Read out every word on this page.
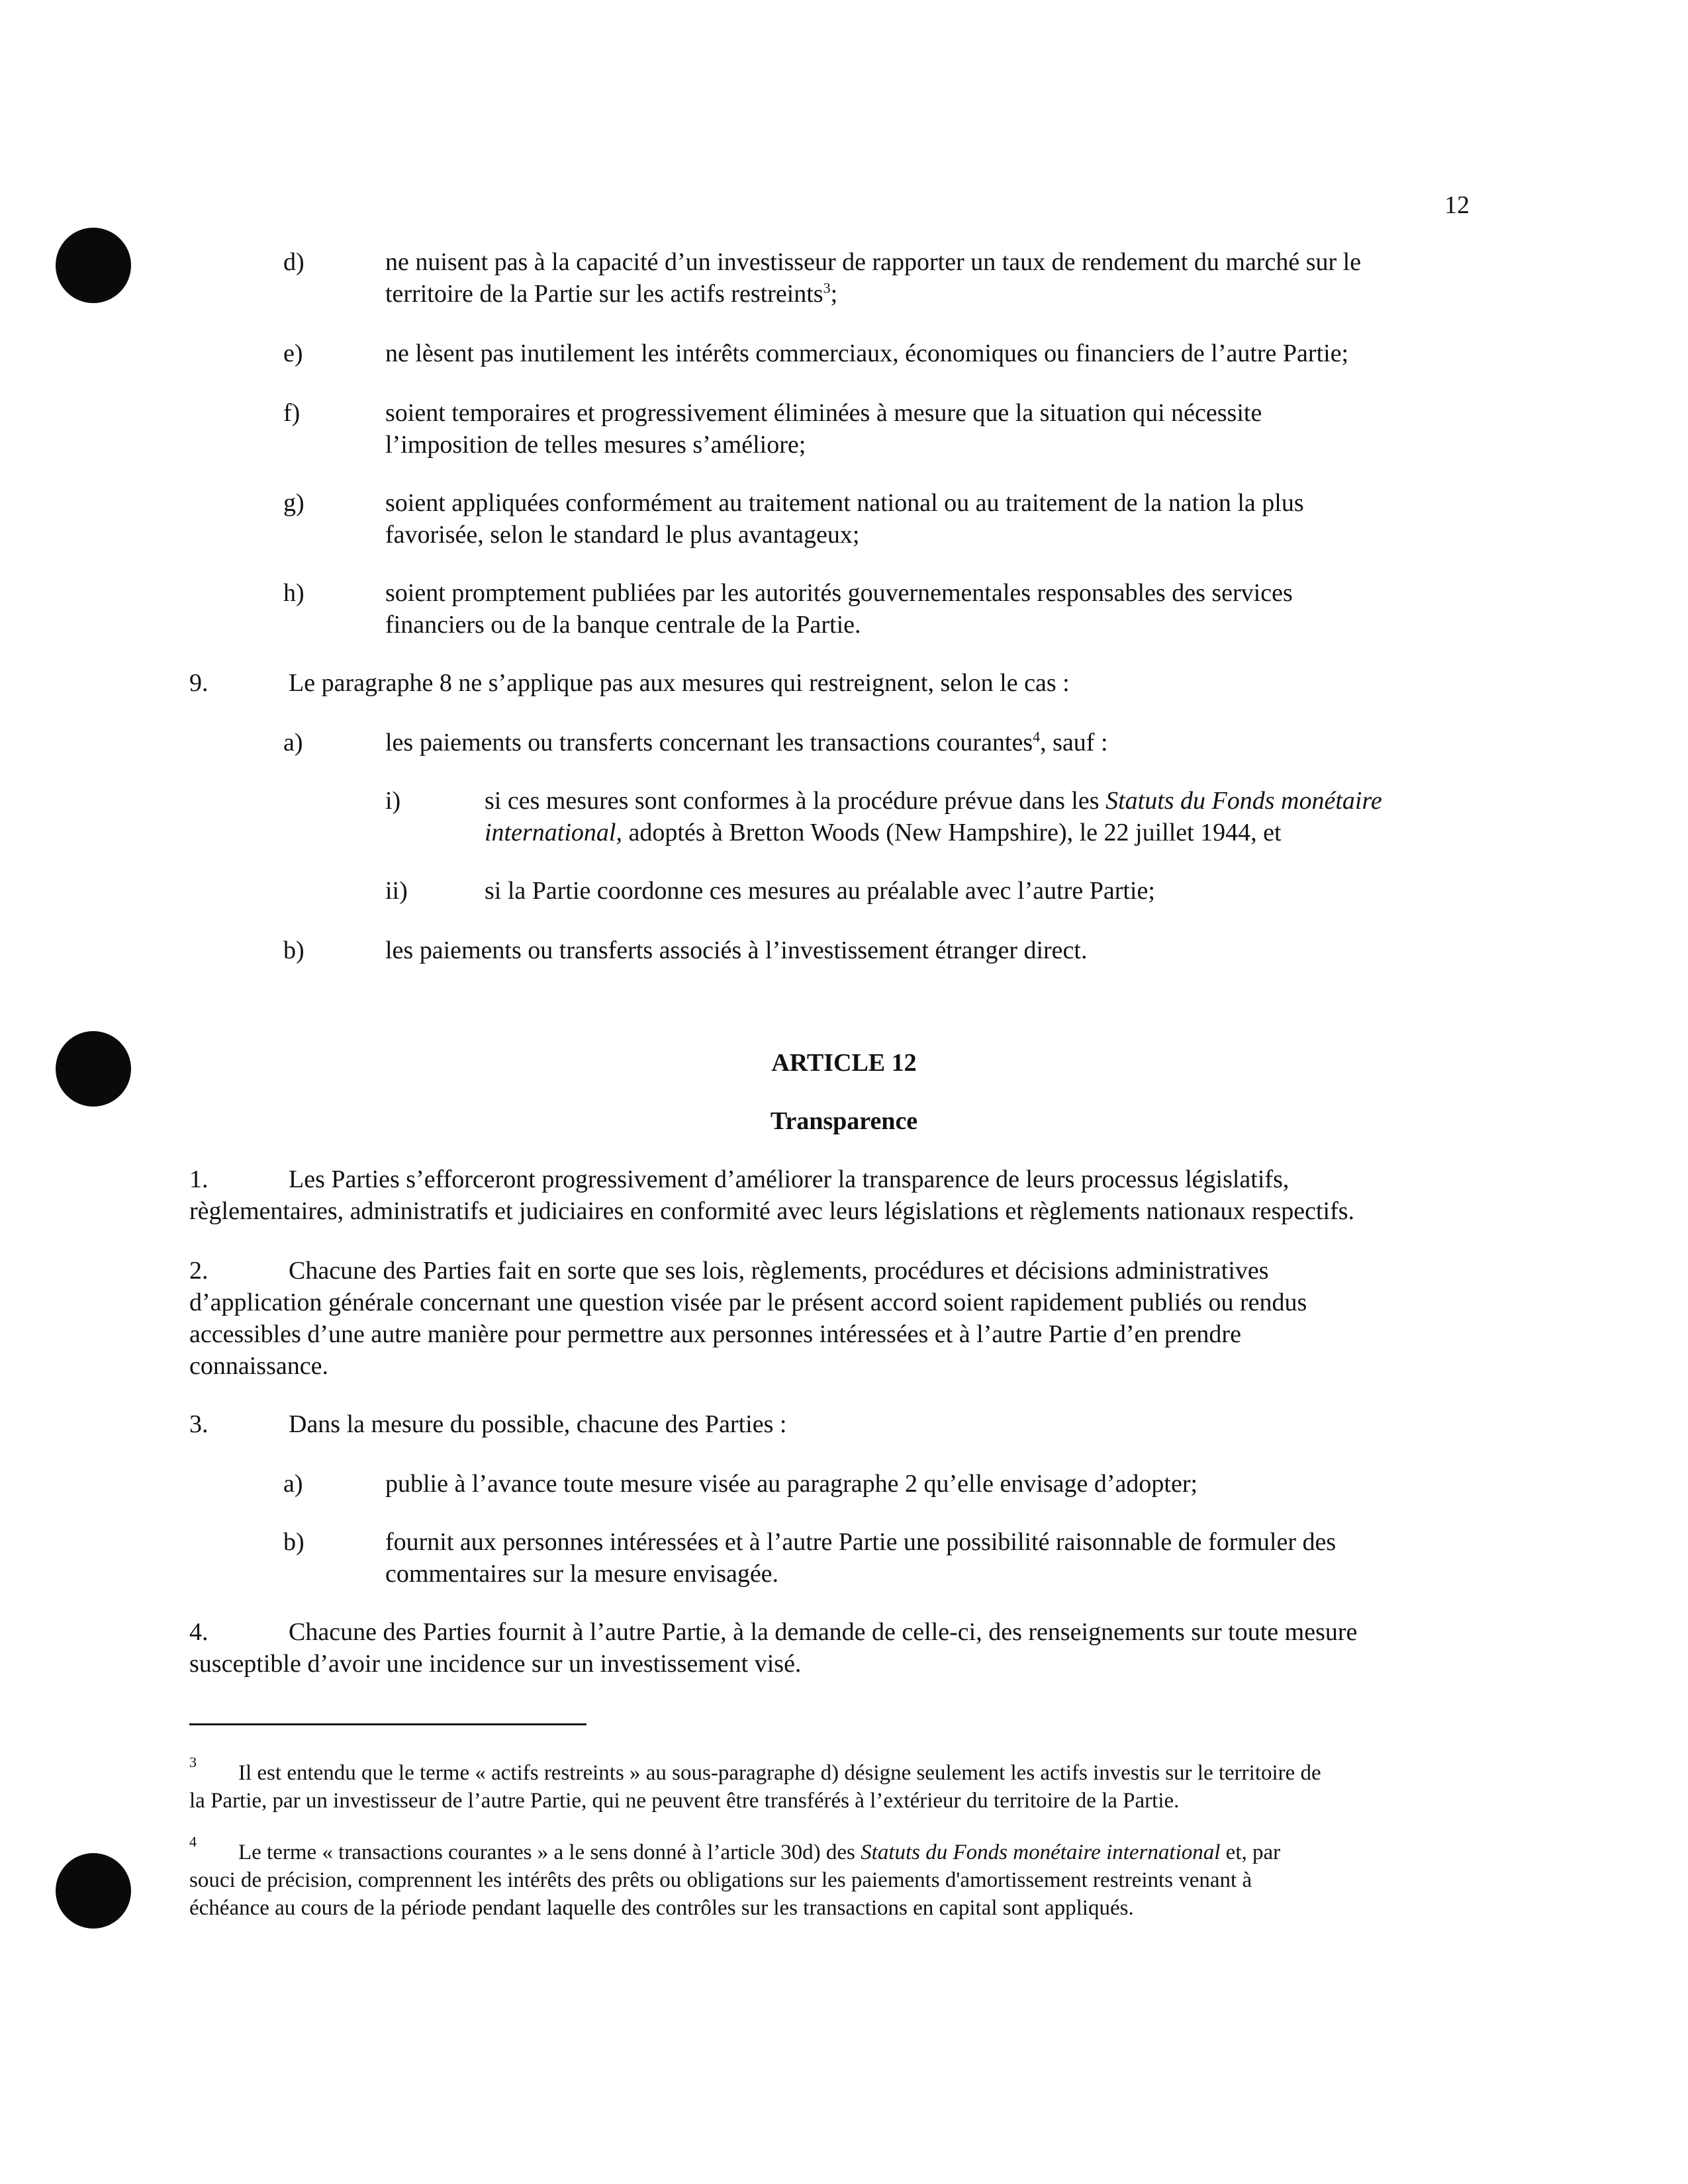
12
d)	ne nuisent pas à la capacité d’un investisseur de rapporter un taux de rendement du marché sur le
territoire de la Partie sur les actifs restreints$^3$;
e)	ne lèsent pas inutilement les intérêts commerciaux, économiques ou financiers de l’autre Partie;
f)	soient temporaires et progressivement éliminées à mesure que la situation qui nécessite
l’imposition de telles mesures s’améliore;
g)	soient appliquées conformément au traitement national ou au traitement de la nation la plus
favorisée, selon le standard le plus avantageux;
h)	soient promptement publiées par les autorités gouvernementales responsables des services
financiers ou de la banque centrale de la Partie.
9.	Le paragraphe 8 ne s’applique pas aux mesures qui restreignent, selon le cas :
a)	les paiements ou transferts concernant les transactions courantes$^4$, sauf :
i)	si ces mesures sont conformes à la procédure prévue dans les Statuts du Fonds monétaire
international, adoptés à Bretton Woods (New Hampshire), le 22 juillet 1944, et
ii)	si la Partie coordonne ces mesures au préalable avec l’autre Partie;
b)	les paiements ou transferts associés à l’investissement étranger direct.
ARTICLE 12
Transparence
1.	Les Parties s’efforceront progressivement d’améliorer la transparence de leurs processus législatifs,
règlementaires, administratifs et judiciaires en conformité avec leurs législations et règlements nationaux respectifs.
2.	Chacune des Parties fait en sorte que ses lois, règlements, procédures et décisions administratives
d’application générale concernant une question visée par le présent accord soient rapidement publiés ou rendus
accessibles d’une autre manière pour permettre aux personnes intéressées et à l’autre Partie d’en prendre
connaissance.
3.	Dans la mesure du possible, chacune des Parties :
a)	publie à l’avance toute mesure visée au paragraphe 2 qu’elle envisage d’adopter;
b)	fournit aux personnes intéressées et à l’autre Partie une possibilité raisonnable de formuler des
commentaires sur la mesure envisagée.
4.	Chacune des Parties fournit à l’autre Partie, à la demande de celle-ci, des renseignements sur toute mesure
susceptible d’avoir une incidence sur un investissement visé.
3 Il est entendu que le terme « actifs restreints » au sous-paragraphe d) désigne seulement les actifs investis sur le territoire de
la Partie, par un investisseur de l’autre Partie, qui ne peuvent être transférés à l’extérieur du territoire de la Partie.
4 Le terme « transactions courantes » a le sens donné à l’article 30d) des Statuts du Fonds monétaire international et, par
souci de précision, comprennent les intérêts des prêts ou obligations sur les paiements d'amortissement restreints venant à
échéance au cours de la période pendant laquelle des contrôles sur les transactions en capital sont appliqués.
